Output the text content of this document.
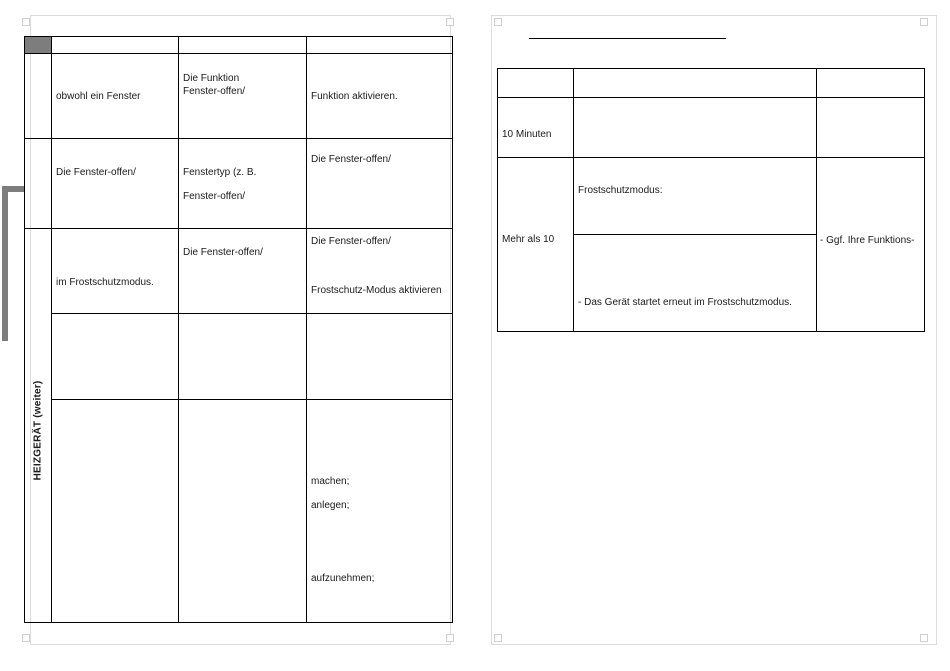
HEIZGERÄT (weiter)
obwohl ein Fenster
Die Funktion
Fenster-offen/	Funktion aktivieren.
Die Fenster-offen/	Fenstertyp (z. B.
Fenster-offen/
Die Fenster-offen/
im Frostschutzmodus.
Die Fenster-offen/
Die Fenster-offen/
Frostschutz-Modus aktivieren
machen;
anlegen;
aufzunehmen;
10 Minuten
Mehr als 10
Frostschutzmodus:
- Das Gerät startet erneut im Frostschutzmodus.
- Ggf. Ihre Funktions-
